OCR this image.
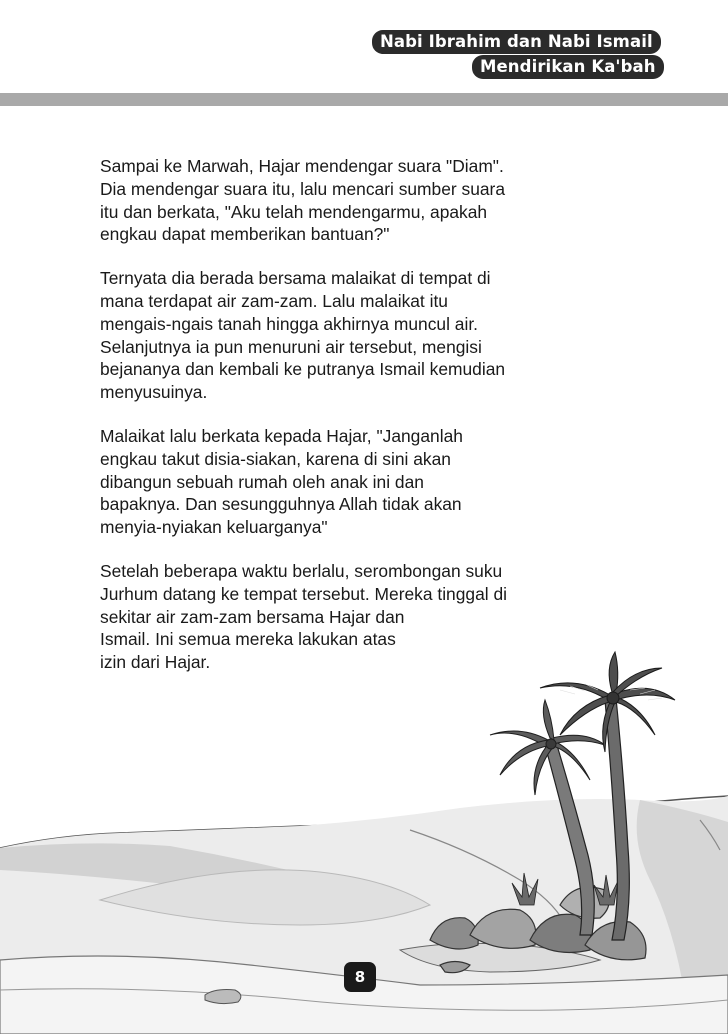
Nabi Ibrahim dan Nabi Ismail
Mendirikan Ka'bah

Sampai ke Marwah, Hajar mendengar suara "Diam".
Dia mendengar suara itu, lalu mencari sumber suara
itu dan berkata, "Aku telah mendengarmu, apakah
engkau dapat memberikan bantuan?"

Ternyata dia berada bersama malaikat di tempat di
mana terdapat air zam-zam. Lalu malaikat itu
mengais-ngais tanah hingga akhirnya muncul air.
Selanjutnya ia pun menuruni air tersebut, mengisi
bejananya dan kembali ke putranya Ismail kemudian
menyusuinya.

Malaikat lalu berkata kepada Hajar, "Janganlah
engkau takut disia-siakan, karena di sini akan
dibangun sebuah rumah oleh anak ini dan
bapaknya. Dan sesungguhnya Allah tidak akan
menyia-nyiakan keluarganya"

Setelah beberapa waktu berlalu, serombongan suku
Jurhum datang ke tempat tersebut. Mereka tinggal di
sekitar air zam-zam bersama Hajar dan
Ismail. Ini semua mereka lakukan atas
izin dari Hajar.

8
